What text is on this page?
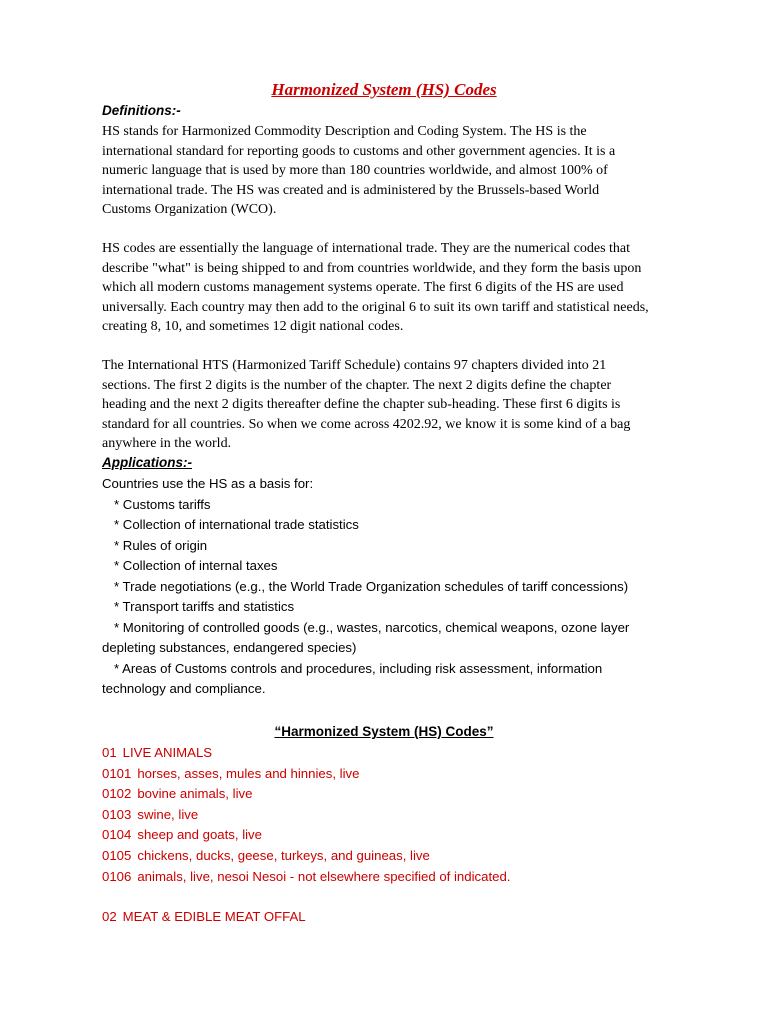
Harmonized System (HS) Codes
Definitions:-
HS stands for Harmonized Commodity Description and Coding System. The HS is the
international standard for reporting goods to customs and other government agencies. It is a
numeric language that is used by more than 180 countries worldwide, and almost 100% of
international trade. The HS was created and is administered by the Brussels-based World
Customs Organization (WCO).
HS codes are essentially the language of international trade. They are the numerical codes that
describe "what" is being shipped to and from countries worldwide, and they form the basis upon
which all modern customs management systems operate. The first 6 digits of the HS are used
universally. Each country may then add to the original 6 to suit its own tariff and statistical needs,
creating 8, 10, and sometimes 12 digit national codes.
The International HTS (Harmonized Tariff Schedule) contains 97 chapters divided into 21
sections. The first 2 digits is the number of the chapter. The next 2 digits define the chapter
heading and the next 2 digits thereafter define the chapter sub-heading. These first 6 digits is
standard for all countries. So when we come across 4202.92, we know it is some kind of a bag
anywhere in the world.
Applications:-
Countries use the HS as a basis for:
* Customs tariffs
* Collection of international trade statistics
* Rules of origin
* Collection of internal taxes
* Trade negotiations (e.g., the World Trade Organization schedules of tariff concessions)
* Transport tariffs and statistics
* Monitoring of controlled goods (e.g., wastes, narcotics, chemical weapons, ozone layer
depleting substances, endangered species)
* Areas of Customs controls and procedures, including risk assessment, information
technology and compliance.
“Harmonized System (HS) Codes”
01 LIVE ANIMALS
0101 horses, asses, mules and hinnies, live
0102 bovine animals, live
0103 swine, live
0104 sheep and goats, live
0105 chickens, ducks, geese, turkeys, and guineas, live
0106 animals, live, nesoi Nesoi - not elsewhere specified of indicated.
02 MEAT & EDIBLE MEAT OFFAL
